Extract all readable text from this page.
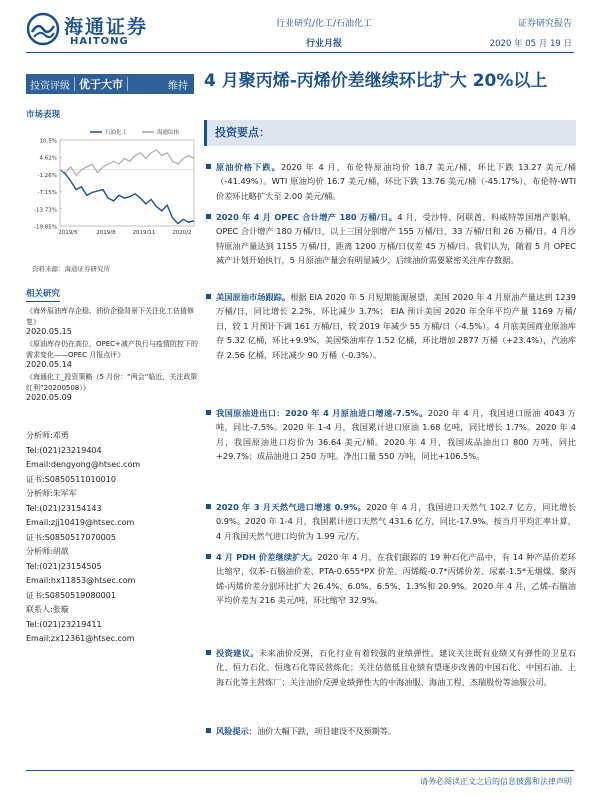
海通证券
HAITONG
行业研究/化工/石油化工
行业月报
证券研究报告
2020 年 05 月 19 日
投资评级 优于大市	维持
市场表现
10.5%
4.62%
-1.26%
-7.15%
-13.73%
-19.85%
2019/5	2019/8	2019/11	2020/2
石油化工	海通综指
资料来源：海通证券研究所
相关研究
《海外原油库存企稳、油价企稳背景下关注化工估值修复》
2020.05.15
《原油库存仍在高位，OPEC+减产执行与疫情防控下的需求变化——OPEC 月报点评》
2020.05.14
《海通化工_投资策略（5 月份：“两会”临近，关注政策红利”20200508）》
2020.05.09
分析师:邓勇
Tel:(021)23219404
Email:dengyong@htsec.com
证书:S0850511010010
分析师:朱军军
Tel:(021)23154143
Email:zjj10419@htsec.com
证书:S0850517070005
分析师:胡歆
Tel:(021)23154505
Email:hx11853@htsec.com
证书:S0850519080001
联系人:张璇
Tel:(021)23219411
Email:zx12361@htsec.com
4 月聚丙烯-丙烯价差继续环比扩大 20%以上
投资要点：
原油价格下跌。2020 年 4 月，布伦特原油均价 18.7 美元/桶，环比下跌 13.27 美元/桶（-41.49%）。WTI 原油均价 16.7 美元/桶，环比下跌 13.76 美元/桶（-45.17%），布伦特-WTI 价差环比略扩大至 2.00 美元/桶。
2020 年 4 月 OPEC 合计增产 180 万桶/日。4 月，受沙特、阿联酋、科威特等国增产影响，OPEC 合计增产 180 万桶/日，以上三国分别增产 155 万桶/日、33 万桶/日和 26 万桶/日。4 月沙特原油产量达到 1155 万桶/日，距离 1200 万桶/日仅差 45 万桶/日。我们认为，随着 5 月 OPEC 减产计划开始执行，5 月原油产量会有明显减少，后续油价需要紧密关注库存数据。
美国原油市场跟踪。根据 EIA 2020 年 5 月短期能源展望，美国 2020 年 4 月原油产量达到 1239 万桶/日，同比增长 2.2%，环比减少 3.7%； EIA 预计美国 2020 年全年平均产量 1169 万桶/日，较 1 月预计下调 161 万桶/日，较 2019 年减少 55 万桶/日（-4.5%）。4 月底美国商业原油库存 5.32 亿桶，环比+9.9%，美国柴油库存 1.52 亿桶，环比增加 2877 万桶（+23.4%），汽油库存 2.56 亿桶，环比减少 90 万桶（-0.3%）。
我国原油进出口：2020 年 4 月原油进口增速-7.5%。2020 年 4 月，我国进口原油 4043 万吨，同比-7.5%。2020 年 1-4 月，我国累计进口原油 1.68 亿吨，同比增长 1.7%。2020 年 4 月，我国原油进口均价为 36.64 美元/桶。2020 年 4 月，我国成品油出口 800 万吨，同比+29.7%；成品油进口 250 万吨。净出口量 550 万吨，同比+106.5%。
2020 年 3 月天然气进口增速 0.9%。2020 年 4 月，我国进口天然气 102.7 亿方，同比增长 0.9%。2020 年 1-4 月，我国累计进口天然气 431.6 亿方，同比-17.9%。按当月平均汇率计算，4 月我国天然气进口均价为 1.99 元/方。
4 月 PDH 价差继续扩大。2020 年 4 月，在我们跟踪的 19 种石化产品中，有 14 种产品价差环比缩窄，仅苯-石脑油价差、PTA-0.655*PX 价差、丙烯酸-0.7*丙烯价差、尿素-1.5*无烟煤、聚丙烯-丙烯价差分别环比扩大 26.4%、6.0%、6.5%、1.3%和 20.9%。2020 年 4 月，乙烯-石脑油平均价差为 216 美元/吨，环比缩窄 32.9%。
投资建议。未来油价反弹，石化行业有着较强的业绩弹性。建议关注既有业绩又有弹性的卫星石化、恒力石化、恒逸石化等民营炼化；关注估值低且业绩有望逐步改善的中国石化、中国石油、上海石化等主营炼厂；关注油价反弹业绩弹性大的中海油服、海油工程、杰瑞股份等油服公司。
风险提示：油价大幅下跌，项目建设不及预期等。
请务必阅读正文之后的信息披露和法律声明
